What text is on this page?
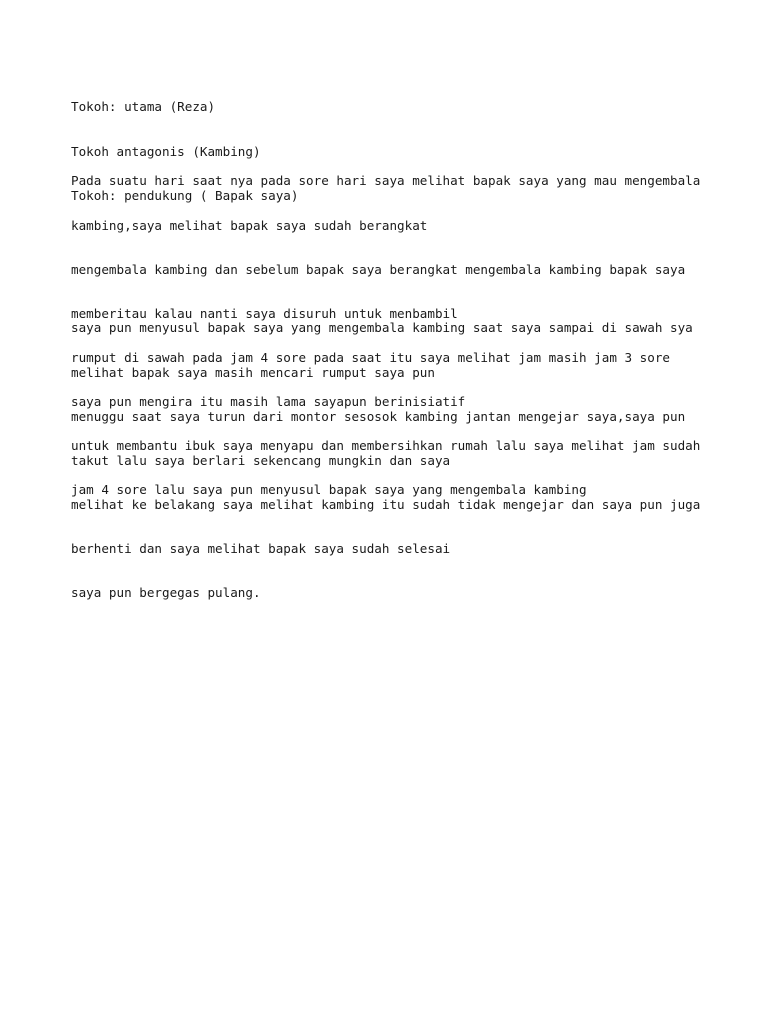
Tokoh: utama (Reza)

Tokoh antagonis (Kambing)

Tokoh: pendukung ( Bapak saya)

Pada suatu hari saat nya pada sore hari saya melihat bapak saya yang mau mengembala

kambing,saya melihat bapak saya sudah berangkat

mengembala kambing dan sebelum bapak saya berangkat mengembala kambing bapak saya

memberitau kalau nanti saya disuruh untuk menbambil

rumput di sawah pada jam 4 sore pada saat itu saya melihat jam masih jam 3 sore

saya pun mengira itu masih lama sayapun berinisiatif

untuk membantu ibuk saya menyapu dan membersihkan rumah lalu saya melihat jam sudah

jam 4 sore lalu saya pun menyusul bapak saya yang mengembala kambing

saya pun menyusul bapak saya yang mengembala kambing saat saya sampai di sawah sya

melihat bapak saya masih mencari rumput saya pun

menuggu saat saya turun dari montor sesosok kambing jantan mengejar saya,saya pun

takut lalu saya berlari sekencang mungkin dan saya

melihat ke belakang saya melihat kambing itu sudah tidak mengejar dan saya pun juga

berhenti dan saya melihat bapak saya sudah selesai

saya pun bergegas pulang.
